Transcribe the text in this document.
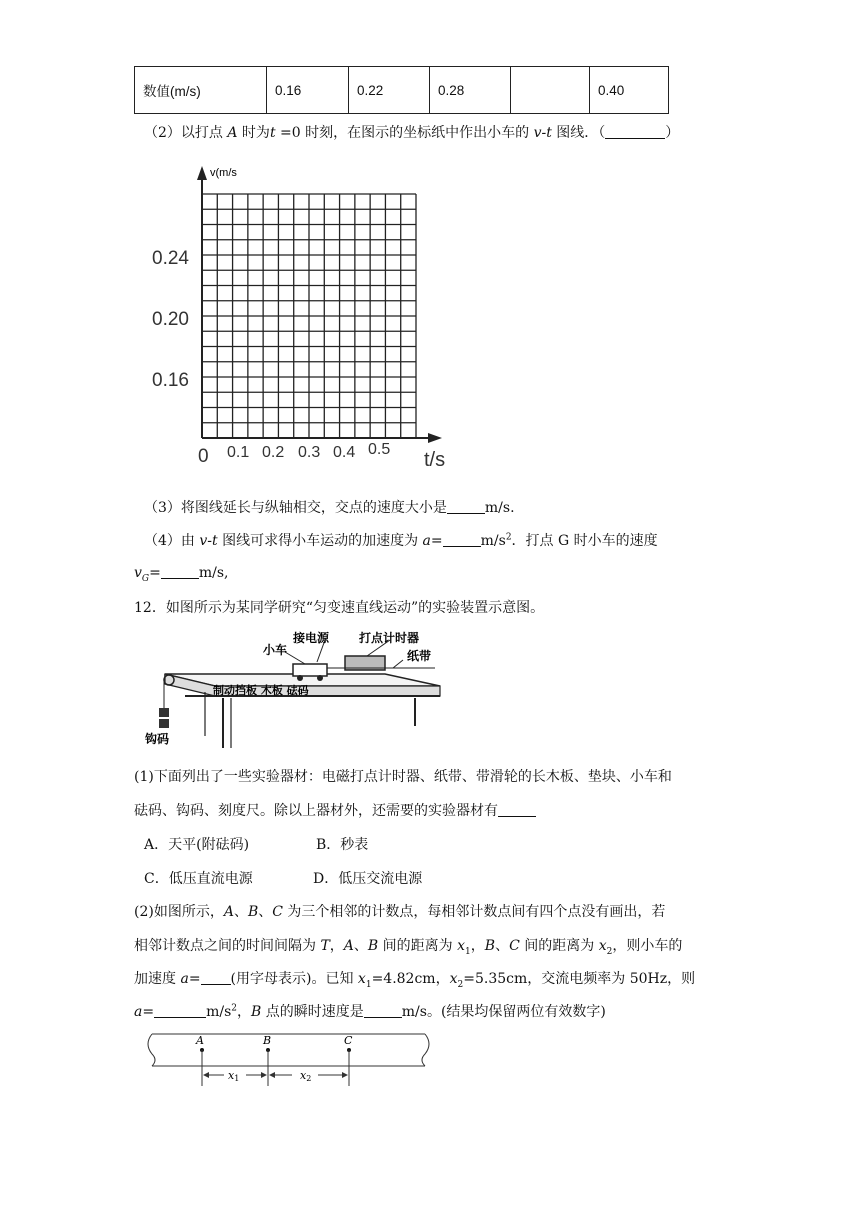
数值(m/s)	0.16	0.22	0.28		0.40
（2）以打点 A 时为t =0 时刻，在图示的坐标纸中作出小车的 v-t 图线．（	）
v(m/s
0.24
0.20
0.16
0 0.1 0.2 0.3 0.4 0.5 t/s
（3）将图线延长与纵轴相交，交点的速度大小是	m/s.
（4）由 v-t 图线可求得小车运动的加速度为 a=	$m/s^2$．打点 G 时小车的速度
$v_G=$	m/s,
12．如图所示为某同学研究“匀变速直线运动”的实验装置示意图。
接电源 打点计时器
小车	纸带
制动挡板 木板 砝码
钩码
(1)下面列出了一些实验器材：电磁打点计时器、纸带、带滑轮的长木板、垫块、小车和
砝码、钩码、刻度尺。除以上器材外，还需要的实验器材有
A．天平(附砝码)	B．秒表
C．低压直流电源	D．低压交流电源
(2)如图所示，A、B、C 为三个相邻的计数点，每相邻计数点间有四个点没有画出，若
相邻计数点之间的时间间隔为 T，A、B 间的距离为 $x_1$，B、C 间的距离为 $x_2$，则小车的
加速度 a= (用字母表示)。已知 $x_1=4.82cm$，$x_2=5.35cm$，交流电频率为 50Hz，则
a=	$m/s^2$，B 点的瞬时速度是	m/s。(结果均保留两位有效数字)
A	B	C
x1	x2
